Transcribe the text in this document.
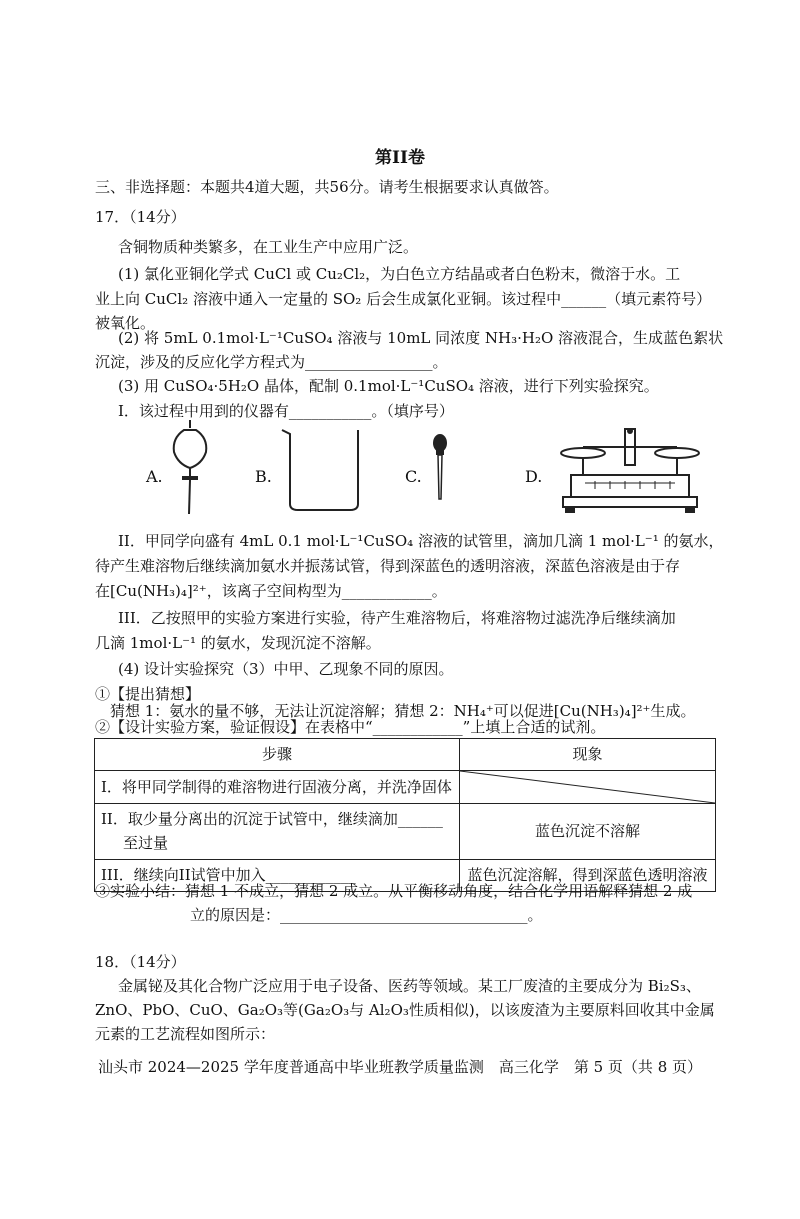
第II卷
三、非选择题：本题共4道大题，共56分。请考生根据要求认真做答。
17．（14分）
含铜物质种类繁多，在工业生产中应用广泛。
(1) 氯化亚铜化学式 CuCl 或 Cu₂Cl₂，为白色立方结晶或者白色粉末，微溶于水。工
业上向 CuCl₂ 溶液中通入一定量的 SO₂ 后会生成氯化亚铜。该过程中______（填元素符号）
被氧化。
(2) 将 5mL 0.1mol·L⁻¹CuSO₄ 溶液与 10mL 同浓度 NH₃·H₂O 溶液混合，生成蓝色絮状
沉淀，涉及的反应化学方程式为_________________。
(3) 用 CuSO₄·5H₂O 晶体，配制 0.1mol·L⁻¹CuSO₄ 溶液，进行下列实验探究。
I．该过程中用到的仪器有___________。（填序号）
A.	B.	C.	D.
II．甲同学向盛有 4mL 0.1 mol·L⁻¹CuSO₄ 溶液的试管里，滴加几滴 1 mol·L⁻¹ 的氨水，
待产生难溶物后继续滴加氨水并振荡试管，得到深蓝色的透明溶液，深蓝色溶液是由于存
在[Cu(NH₃)₄]²⁺，该离子空间构型为____________。
III．乙按照甲的实验方案进行实验，待产生难溶物后，将难溶物过滤洗净后继续滴加
几滴 1mol·L⁻¹ 的氨水，发现沉淀不溶解。
(4) 设计实验探究（3）中甲、乙现象不同的原因。
①【提出猜想】
猜想 1：氨水的量不够，无法让沉淀溶解；猜想 2：NH₄⁺可以促进[Cu(NH₃)₄]²⁺生成。
②【设计实验方案，验证假设】在表格中“____________”上填上合适的试剂。
步骤	现象
I．将甲同学制得的难溶物进行固液分离，并洗净固体	

II．取少量分离出的沉淀于试管中，继续滴加______
至过量	蓝色沉淀不溶解
III．继续向II试管中加入____________	蓝色沉淀溶解，得到深蓝色透明溶液
③实验小结：猜想 1 不成立，猜想 2 成立。从平衡移动角度，结合化学用语解释猜想 2 成
立的原因是：_________________________________。
18．（14分）
金属铋及其化合物广泛应用于电子设备、医药等领域。某工厂废渣的主要成分为 Bi₂S₃、
ZnO、PbO、CuO、Ga₂O₃等(Ga₂O₃与 Al₂O₃性质相似)，以该废渣为主要原料回收其中金属
元素的工艺流程如图所示：
汕头市 2024—2025 学年度普通高中毕业班教学质量监测　高三化学　第 5 页（共 8 页）
